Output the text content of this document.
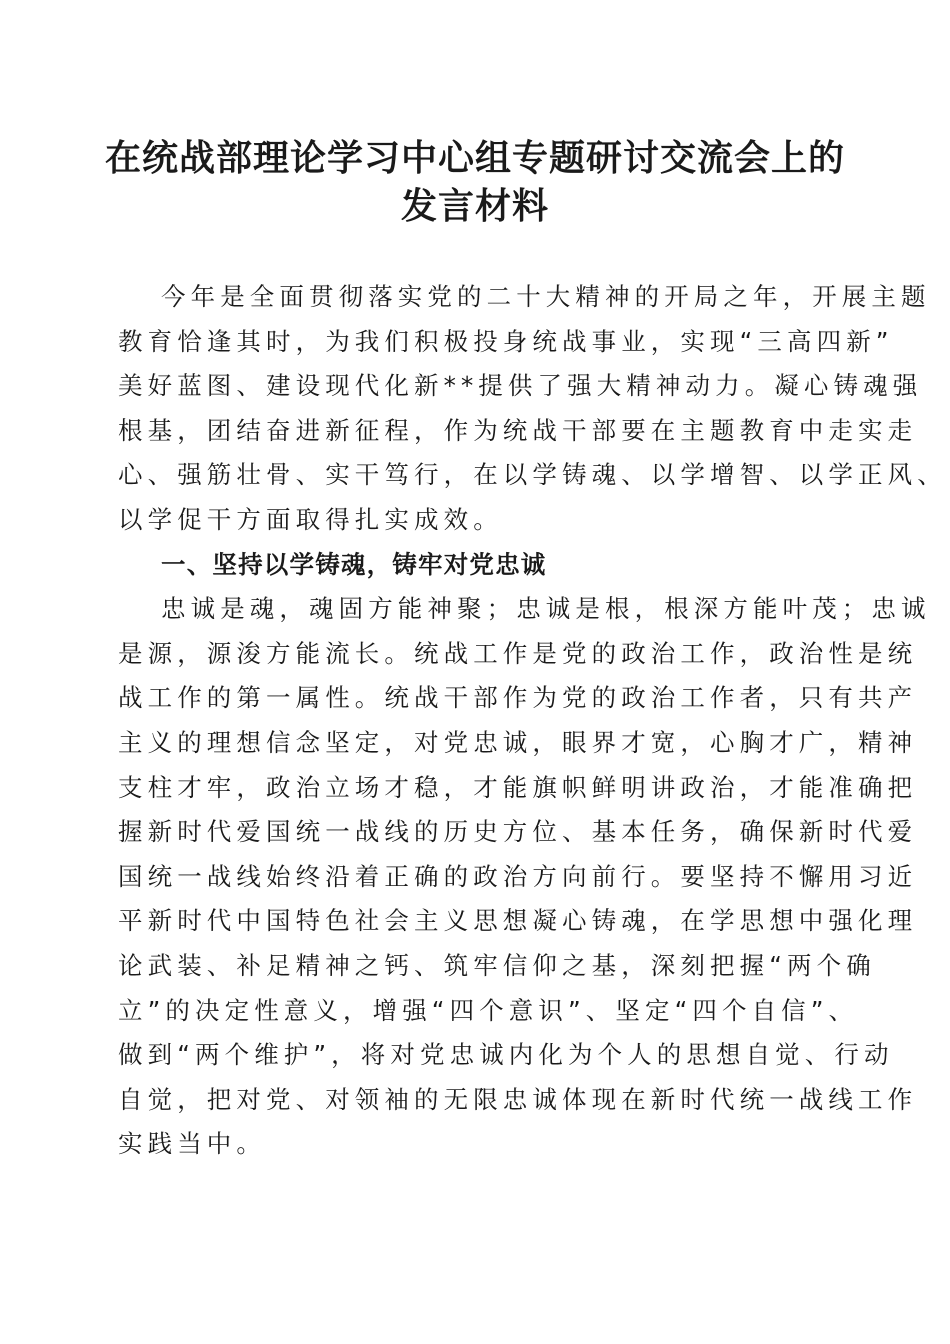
在统战部理论学习中心组专题研讨交流会上的
发言材料
今年是全面贯彻落实党的二十大精神的开局之年，开展主题
教育恰逢其时，为我们积极投身统战事业，实现“三高四新”
美好蓝图、建设现代化新**提供了强大精神动力。凝心铸魂强
根基，团结奋进新征程，作为统战干部要在主题教育中走实走
心、强筋壮骨、实干笃行，在以学铸魂、以学增智、以学正风、
以学促干方面取得扎实成效。
一、坚持以学铸魂，铸牢对党忠诚
忠诚是魂，魂固方能神聚；忠诚是根，根深方能叶茂；忠诚
是源，源浚方能流长。统战工作是党的政治工作，政治性是统
战工作的第一属性。统战干部作为党的政治工作者，只有共产
主义的理想信念坚定，对党忠诚，眼界才宽，心胸才广，精神
支柱才牢，政治立场才稳，才能旗帜鲜明讲政治，才能准确把
握新时代爱国统一战线的历史方位、基本任务，确保新时代爱
国统一战线始终沿着正确的政治方向前行。要坚持不懈用习近
平新时代中国特色社会主义思想凝心铸魂，在学思想中强化理
论武装、补足精神之钙、筑牢信仰之基，深刻把握“两个确
立”的决定性意义，增强“四个意识”、坚定“四个自信”、
做到“两个维护”，将对党忠诚内化为个人的思想自觉、行动
自觉，把对党、对领袖的无限忠诚体现在新时代统一战线工作
实践当中。
